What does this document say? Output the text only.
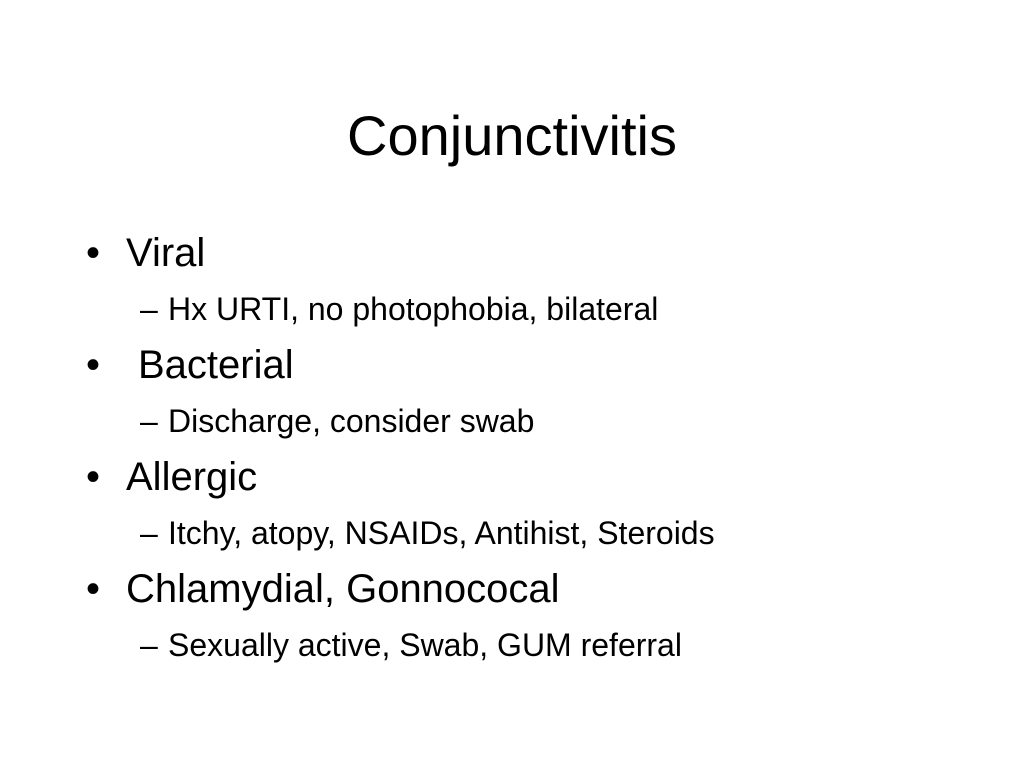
Conjunctivitis
• Viral
– Hx URTI, no photophobia, bilateral
• Bacterial
– Discharge, consider swab
• Allergic
– Itchy, atopy, NSAIDs, Antihist, Steroids
• Chlamydial, Gonnococal
– Sexually active, Swab, GUM referral
